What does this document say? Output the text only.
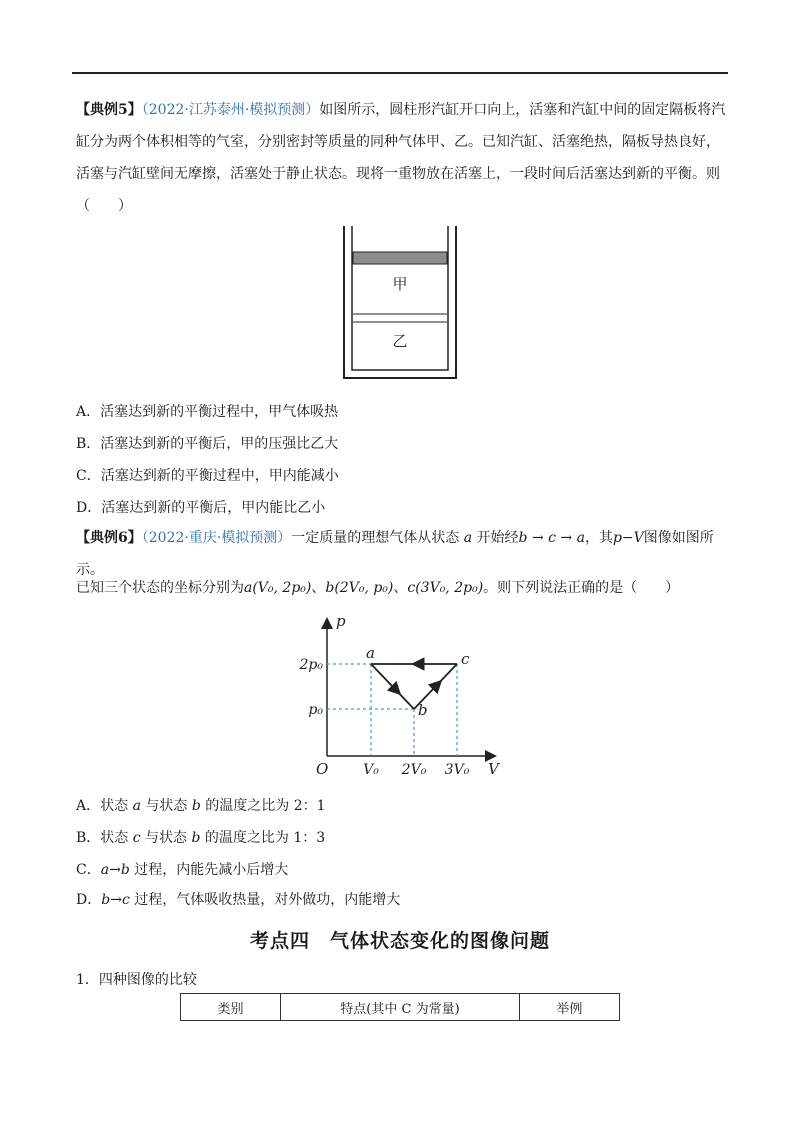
【典例5】（2022·江苏泰州·模拟预测）如图所示，圆柱形汽缸开口向上，活塞和汽缸中间的固定隔板将汽
缸分为两个体积相等的气室，分别密封等质量的同种气体甲、乙。已知汽缸、活塞绝热，隔板导热良好，
活塞与汽缸壁间无摩擦，活塞处于静止状态。现将一重物放在活塞上，一段时间后活塞达到新的平衡。则
（　　）
甲
乙
A．活塞达到新的平衡过程中，甲气体吸热
B．活塞达到新的平衡后，甲的压强比乙大
C．活塞达到新的平衡过程中，甲内能减小
D．活塞达到新的平衡后，甲内能比乙小
【典例6】（2022·重庆·模拟预测）一定质量的理想气体从状态 a 开始经b → c → a，其p−V图像如图所示。
已知三个状态的坐标分别为a(V₀, 2p₀)、b(2V₀, p₀)、c(3V₀, 2p₀)。则下列说法正确的是（　　）
p
V
O
2p₀
p₀
V₀ 2V₀ 3V₀
a
b
c
A．状态 a 与状态 b 的温度之比为 2：1
B．状态 c 与状态 b 的温度之比为 1：3
C．a→b 过程，内能先减小后增大
D．b→c 过程，气体吸收热量，对外做功，内能增大
考点四　气体状态变化的图像问题
1．四种图像的比较
类别	特点(其中 C 为常量)	举例
